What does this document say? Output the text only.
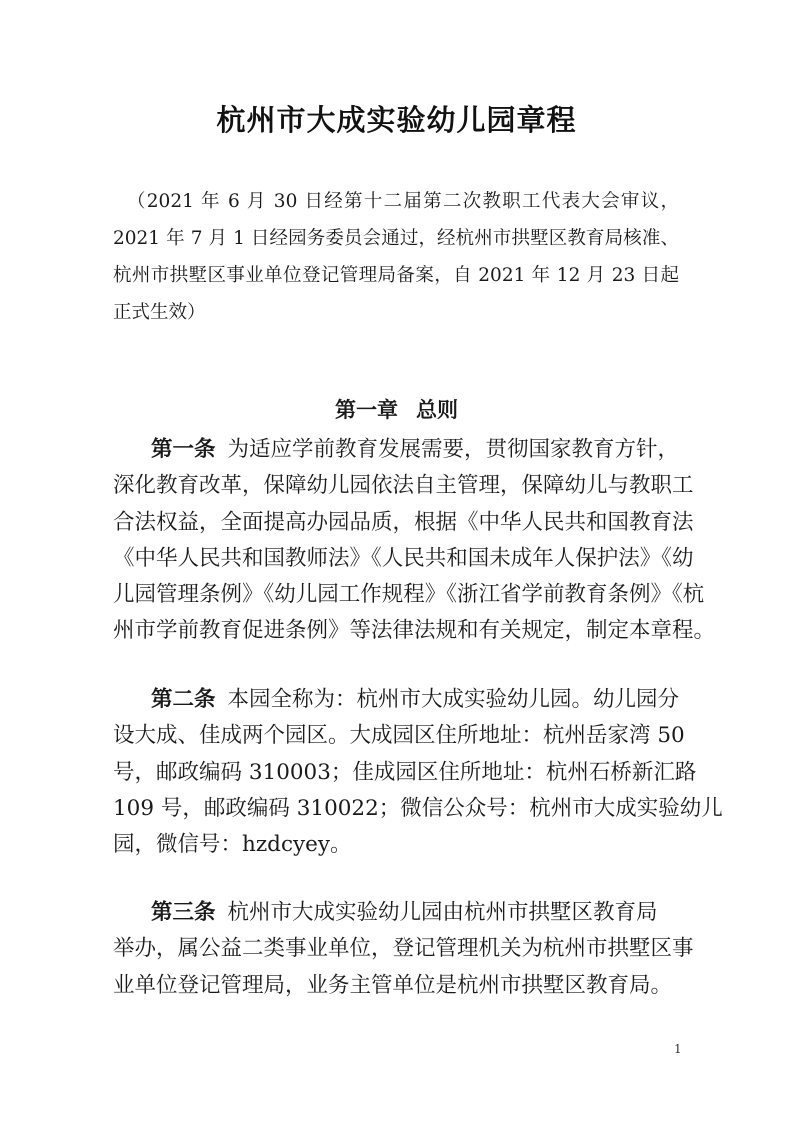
杭州市大成实验幼儿园章程

（2021 年 6 月 30 日经第十二届第二次教职工代表大会审议，
2021 年 7 月 1 日经园务委员会通过，经杭州市拱墅区教育局核准、
杭州市拱墅区事业单位登记管理局备案，自 2021 年 12 月 23 日起
正式生效）

第一章 总则
第一条 为适应学前教育发展需要，贯彻国家教育方针，
深化教育改革，保障幼儿园依法自主管理，保障幼儿与教职工
合法权益，全面提高办园品质，根据《中华人民共和国教育法
《中华人民共和国教师法》《人民共和国未成年人保护法》《幼
儿园管理条例》《幼儿园工作规程》《浙江省学前教育条例》《杭
州市学前教育促进条例》等法律法规和有关规定，制定本章程。
第二条 本园全称为：杭州市大成实验幼儿园。幼儿园分
设大成、佳成两个园区。大成园区住所地址：杭州岳家湾 50
号，邮政编码 310003；佳成园区住所地址：杭州石桥新汇路
109 号，邮政编码 310022；微信公众号：杭州市大成实验幼儿
园，微信号：hzdcyey。
第三条 杭州市大成实验幼儿园由杭州市拱墅区教育局
举办，属公益二类事业单位，登记管理机关为杭州市拱墅区事
业单位登记管理局，业务主管单位是杭州市拱墅区教育局。

1
